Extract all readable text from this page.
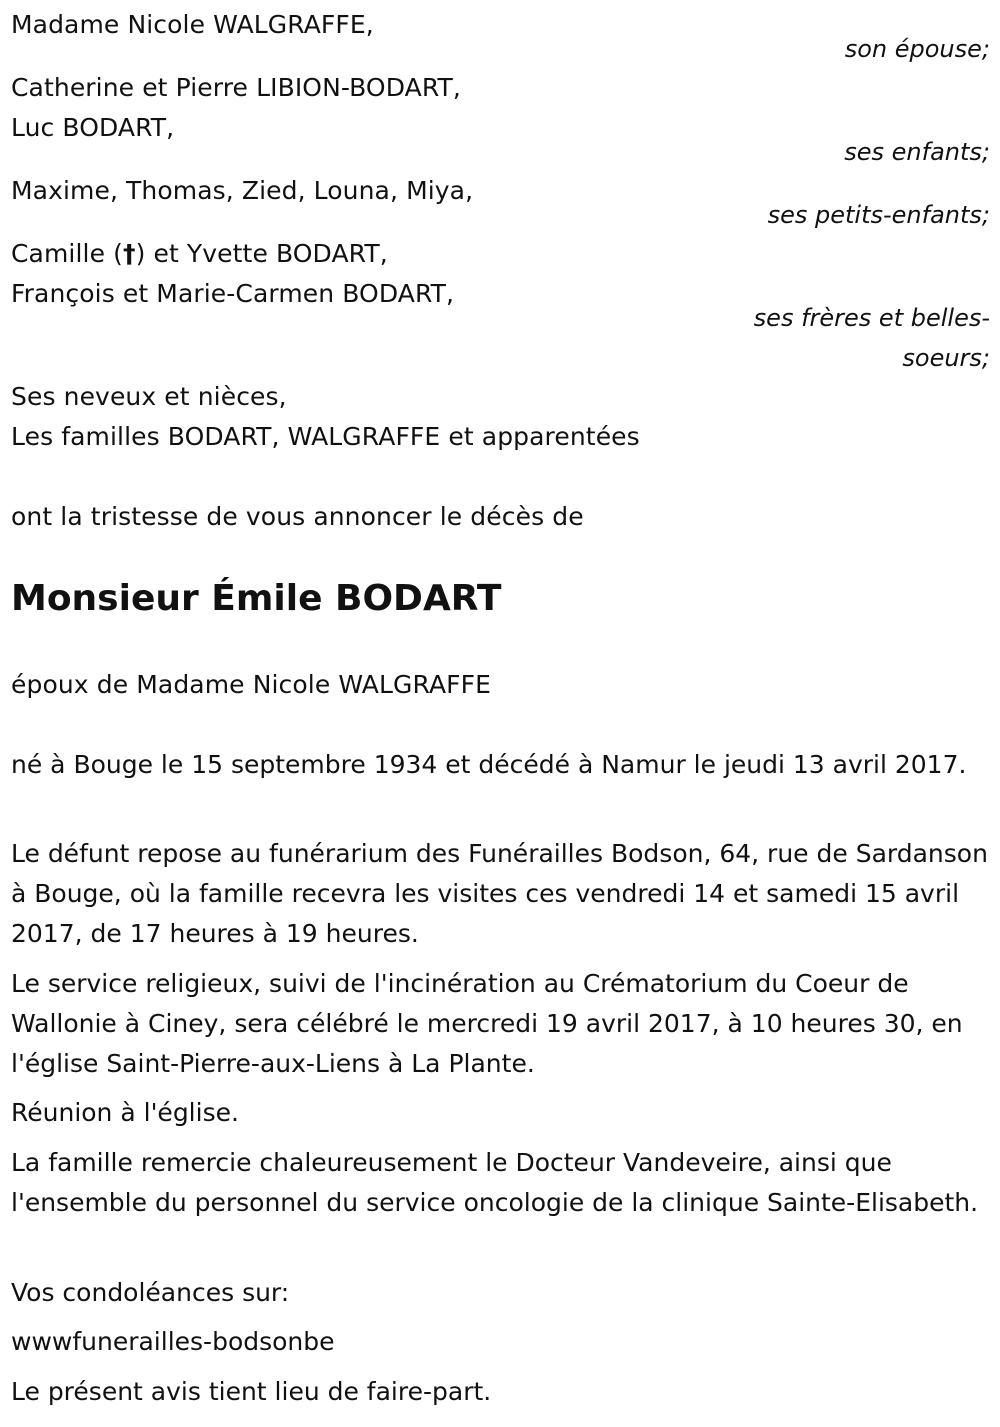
Madame Nicole WALGRAFFE,
son épouse;
Catherine et Pierre LIBION-BODART,
Luc BODART,
ses enfants;
Maxime, Thomas, Zied, Louna, Miya,
ses petits-enfants;
Camille (†) et Yvette BODART,
François et Marie-Carmen BODART,
ses frères et belles-
soeurs;
Ses neveux et nièces,
Les familles BODART, WALGRAFFE et apparentées
ont la tristesse de vous annoncer le décès de
Monsieur Émile BODART
époux de Madame Nicole WALGRAFFE
né à Bouge le 15 septembre 1934 et décédé à Namur le jeudi 13 avril 2017.
Le défunt repose au funérarium des Funérailles Bodson, 64, rue de Sardanson à Bouge, où la famille recevra les visites ces vendredi 14 et samedi 15 avril 2017, de 17 heures à 19 heures.
Le service religieux, suivi de l'incinération au Crématorium du Coeur de Wallonie à Ciney, sera célébré le mercredi 19 avril 2017, à 10 heures 30, en l'église Saint-Pierre-aux-Liens à La Plante.
Réunion à l'église.
La famille remercie chaleureusement le Docteur Vandeveire, ainsi que l'ensemble du personnel du service oncologie de la clinique Sainte-Elisabeth.
Vos condoléances sur:
wwwfunerailles-bodsonbe
Le présent avis tient lieu de faire-part.
